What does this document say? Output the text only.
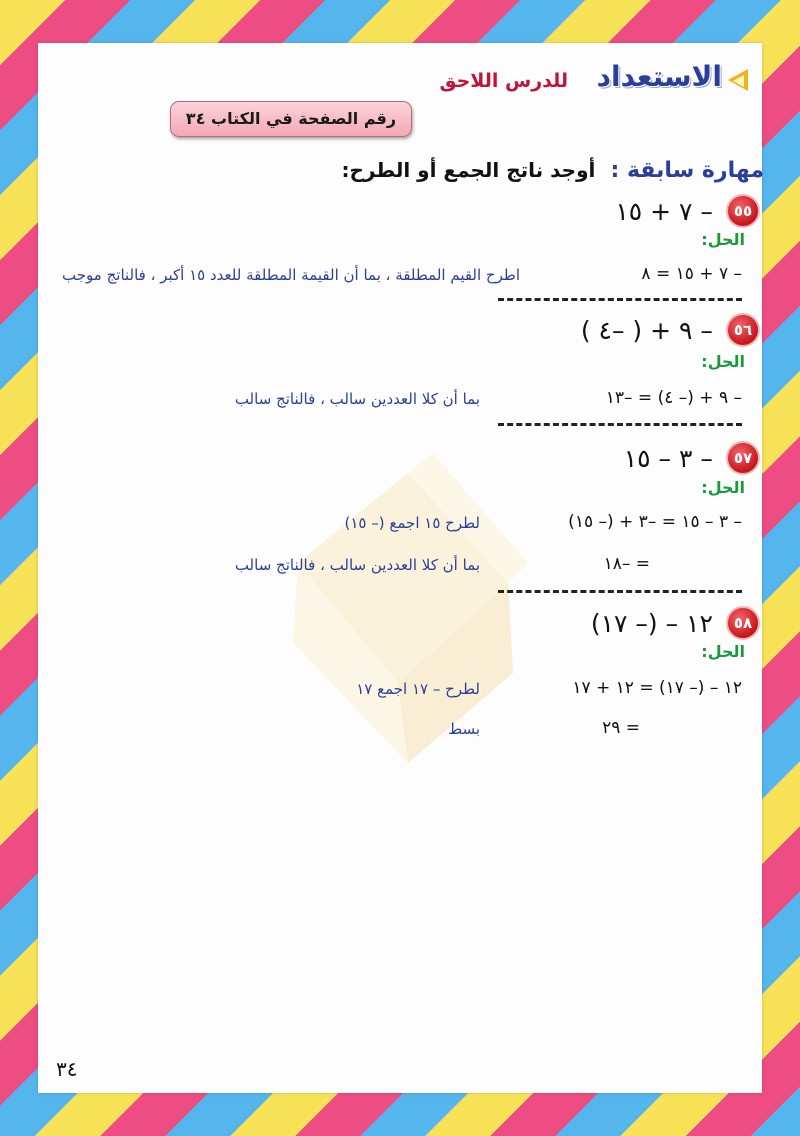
الاستعداد
للدرس اللاحق
رقم الصفحة في الكتاب ٣٤
مهارة سابقة : أوجد ناتج الجمع أو الطرح:
٥٥ – ٧ + ١٥
الحل:
– ٧ + ١٥ = ٨
اطرح القيم المطلقة ، بما أن القيمة المطلقة للعدد ١٥ أكبر ، فالناتج موجب
٥٦ – ٩ + ( –٤ )
الحل:
– ٩ + (– ٤) = –١٣
بما أن كلا العددين سالب ، فالناتج سالب
٥٧ – ٣ – ١٥
الحل:
– ٣ – ١٥ = –٣ + (– ١٥)
لطرح ١٥ اجمع (– ١٥)
= –١٨
بما أن كلا العددين سالب ، فالناتج سالب
٥٨ ١٢ – (– ١٧)
الحل:
١٢ – (– ١٧) = ١٢ + ١٧
لطرح – ١٧ اجمع ١٧
= ٢٩
بسط
٣٤
